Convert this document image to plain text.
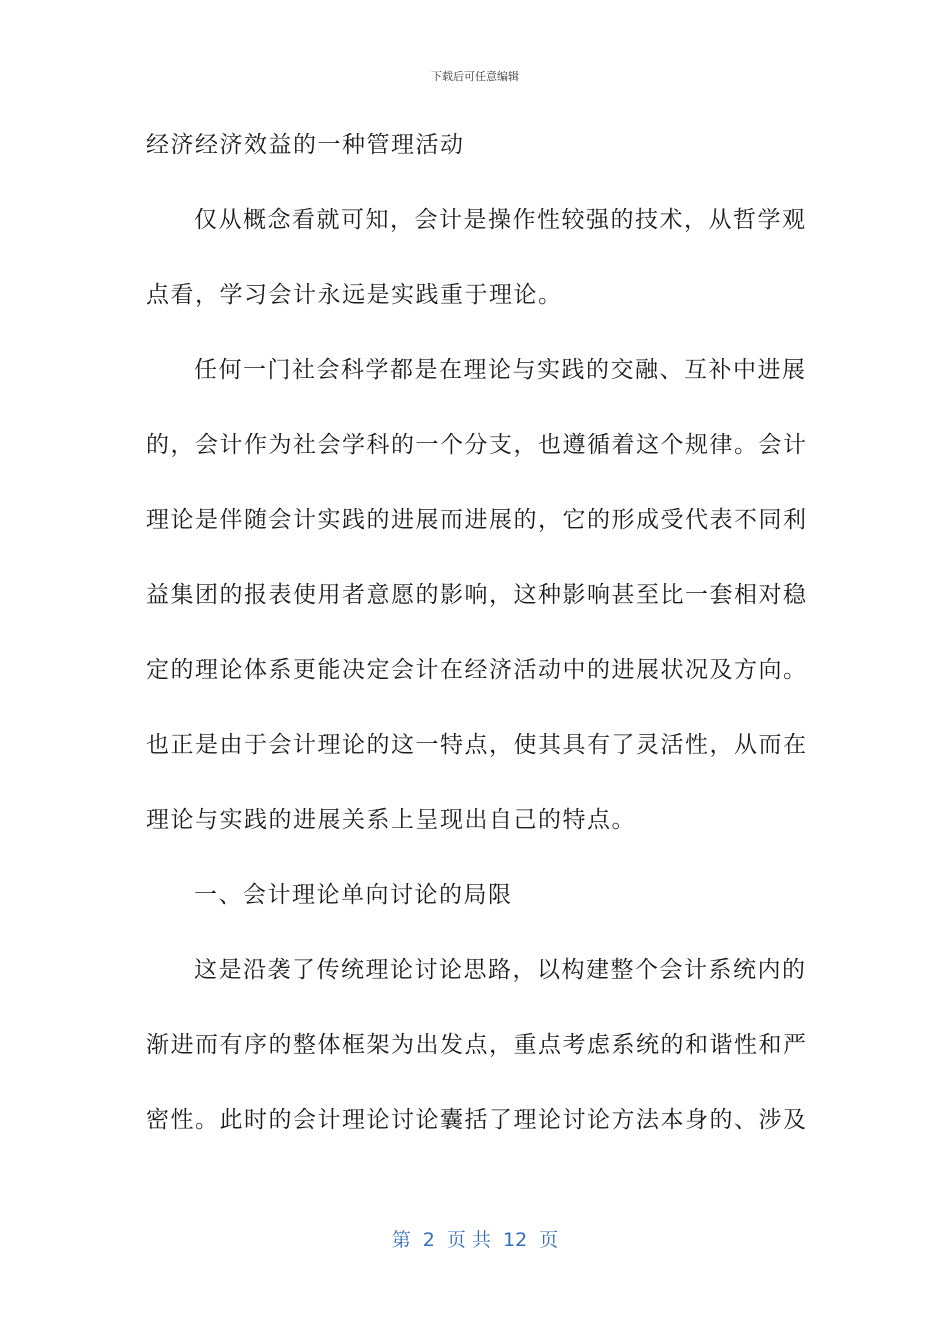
下载后可任意编辑
经济经济效益的一种管理活动
仅从概念看就可知，会计是操作性较强的技术，从哲学观
点看，学习会计永远是实践重于理论。
任何一门社会科学都是在理论与实践的交融、互补中进展
的，会计作为社会学科的一个分支，也遵循着这个规律。会计
理论是伴随会计实践的进展而进展的，它的形成受代表不同利
益集团的报表使用者意愿的影响，这种影响甚至比一套相对稳
定的理论体系更能决定会计在经济活动中的进展状况及方向。
也正是由于会计理论的这一特点，使其具有了灵活性，从而在
理论与实践的进展关系上呈现出自己的特点。
一、会计理论单向讨论的局限
这是沿袭了传统理论讨论思路，以构建整个会计系统内的
渐进而有序的整体框架为出发点，重点考虑系统的和谐性和严
密性。此时的会计理论讨论囊括了理论讨论方法本身的、涉及
第  2  页 共  12  页
